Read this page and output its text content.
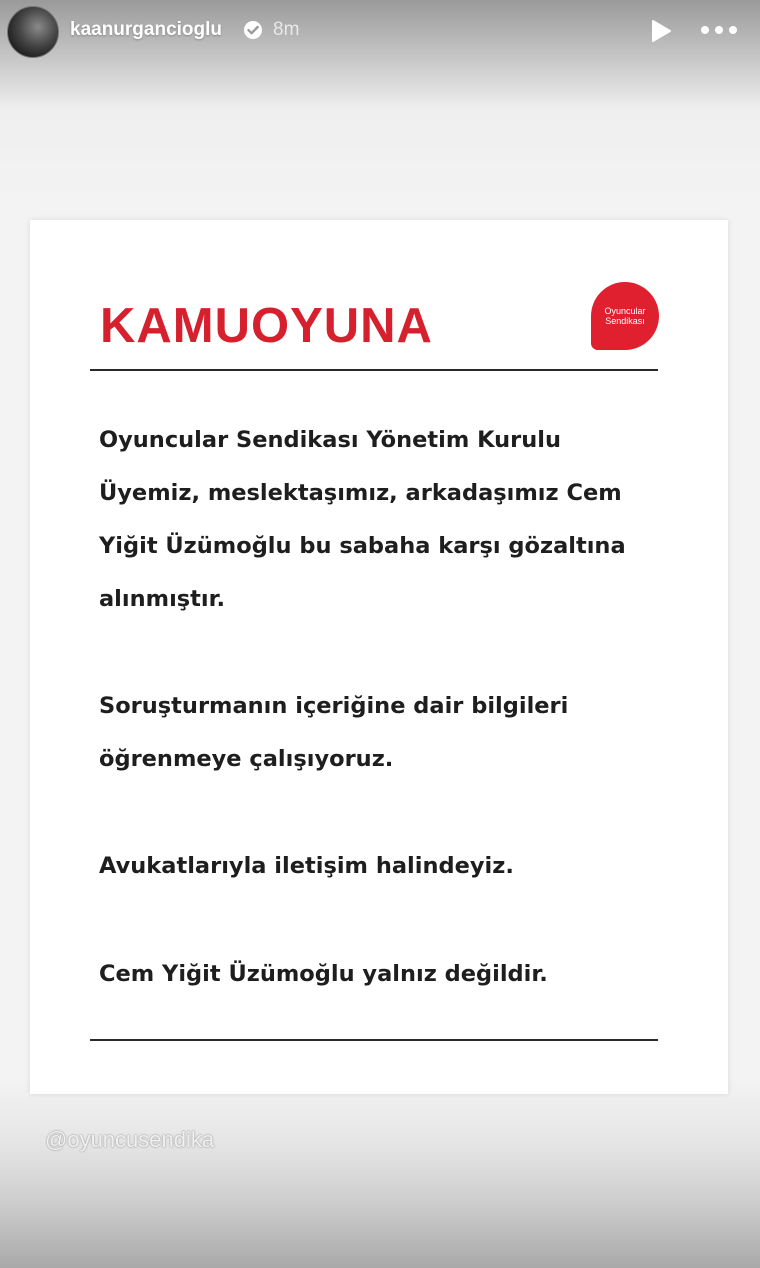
kaanurgancioglu	8m
KAMUOYUNA	Oyuncular
Sendikası
Oyuncular Sendikası Yönetim Kurulu
Üyemiz, meslektaşımız, arkadaşımız Cem
Yiğit Üzümoğlu bu sabaha karşı gözaltına
alınmıştır.
Soruşturmanın içeriğine dair bilgileri
öğrenmeye çalışıyoruz.
Avukatlarıyla iletişim halindeyiz.
Cem Yiğit Üzümoğlu yalnız değildir.
@oyuncusendika
